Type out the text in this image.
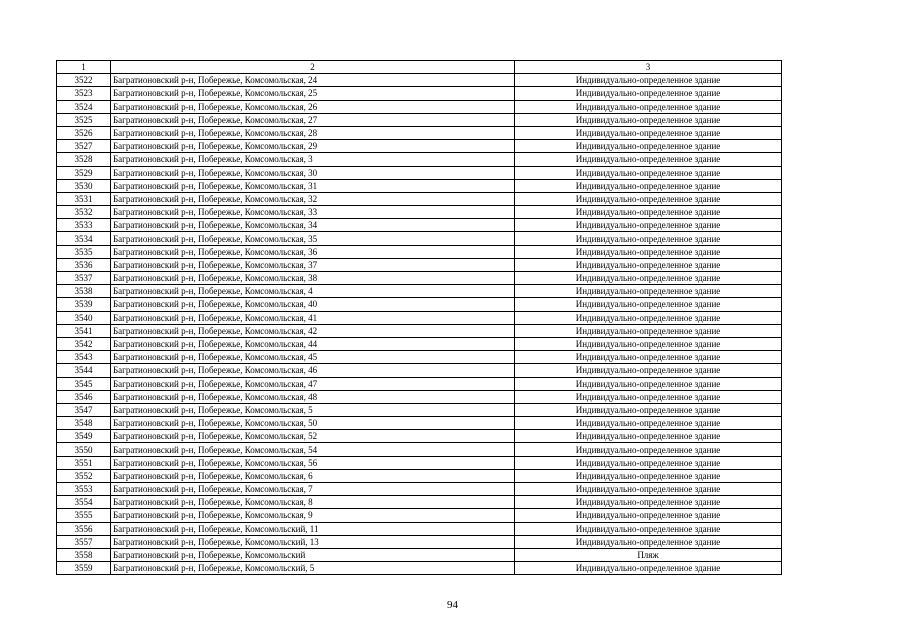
1	2	3
3522	Багратионовский р-н, Побережье, Комсомольская, 24	Индивидуально-определенное здание
3523	Багратионовский р-н, Побережье, Комсомольская, 25	Индивидуально-определенное здание
3524	Багратионовский р-н, Побережье, Комсомольская, 26	Индивидуально-определенное здание
3525	Багратионовский р-н, Побережье, Комсомольская, 27	Индивидуально-определенное здание
3526	Багратионовский р-н, Побережье, Комсомольская, 28	Индивидуально-определенное здание
3527	Багратионовский р-н, Побережье, Комсомольская, 29	Индивидуально-определенное здание
3528	Багратионовский р-н, Побережье, Комсомольская, 3	Индивидуально-определенное здание
3529	Багратионовский р-н, Побережье, Комсомольская, 30	Индивидуально-определенное здание
3530	Багратионовский р-н, Побережье, Комсомольская, 31	Индивидуально-определенное здание
3531	Багратионовский р-н, Побережье, Комсомольская, 32	Индивидуально-определенное здание
3532	Багратионовский р-н, Побережье, Комсомольская, 33	Индивидуально-определенное здание
3533	Багратионовский р-н, Побережье, Комсомольская, 34	Индивидуально-определенное здание
3534	Багратионовский р-н, Побережье, Комсомольская, 35	Индивидуально-определенное здание
3535	Багратионовский р-н, Побережье, Комсомольская, 36	Индивидуально-определенное здание
3536	Багратионовский р-н, Побережье, Комсомольская, 37	Индивидуально-определенное здание
3537	Багратионовский р-н, Побережье, Комсомольская, 38	Индивидуально-определенное здание
3538	Багратионовский р-н, Побережье, Комсомольская, 4	Индивидуально-определенное здание
3539	Багратионовский р-н, Побережье, Комсомольская, 40	Индивидуально-определенное здание
3540	Багратионовский р-н, Побережье, Комсомольская, 41	Индивидуально-определенное здание
3541	Багратионовский р-н, Побережье, Комсомольская, 42	Индивидуально-определенное здание
3542	Багратионовский р-н, Побережье, Комсомольская, 44	Индивидуально-определенное здание
3543	Багратионовский р-н, Побережье, Комсомольская, 45	Индивидуально-определенное здание
3544	Багратионовский р-н, Побережье, Комсомольская, 46	Индивидуально-определенное здание
3545	Багратионовский р-н, Побережье, Комсомольская, 47	Индивидуально-определенное здание
3546	Багратионовский р-н, Побережье, Комсомольская, 48	Индивидуально-определенное здание
3547	Багратионовский р-н, Побережье, Комсомольская, 5	Индивидуально-определенное здание
3548	Багратионовский р-н, Побережье, Комсомольская, 50	Индивидуально-определенное здание
3549	Багратионовский р-н, Побережье, Комсомольская, 52	Индивидуально-определенное здание
3550	Багратионовский р-н, Побережье, Комсомольская, 54	Индивидуально-определенное здание
3551	Багратионовский р-н, Побережье, Комсомольская, 56	Индивидуально-определенное здание
3552	Багратионовский р-н, Побережье, Комсомольская, 6	Индивидуально-определенное здание
3553	Багратионовский р-н, Побережье, Комсомольская, 7	Индивидуально-определенное здание
3554	Багратионовский р-н, Побережье, Комсомольская, 8	Индивидуально-определенное здание
3555	Багратионовский р-н, Побережье, Комсомольская, 9	Индивидуально-определенное здание
3556	Багратионовский р-н, Побережье, Комсомольский, 11	Индивидуально-определенное здание
3557	Багратионовский р-н, Побережье, Комсомольский, 13	Индивидуально-определенное здание
3558	Багратионовский р-н, Побережье, Комсомольский	Пляж
3559	Багратионовский р-н, Побережье, Комсомольский, 5	Индивидуально-определенное здание
94
